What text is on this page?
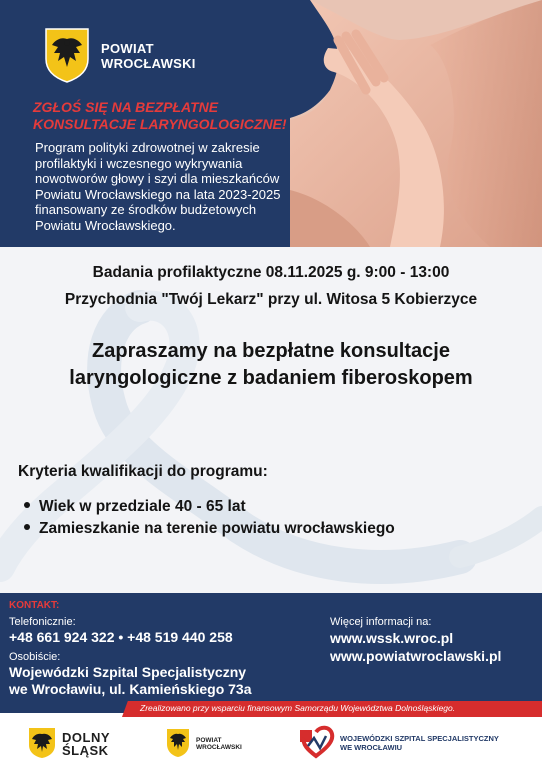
POWIAT
WROCŁAWSKI
ZGŁOŚ SIĘ NA BEZPŁATNE
KONSULTACJE LARYNGOLOGICZNE!
Program polityki zdrowotnej w zakresie
profilaktyki i wczesnego wykrywania
nowotworów głowy i szyi dla mieszkańców
Powiatu Wrocławskiego na lata 2023-2025
finansowany ze środków budżetowych
Powiatu Wrocławskiego.
Badania profilaktyczne 08.11.2025 g. 9:00 - 13:00
Przychodnia "Twój Lekarz" przy ul. Witosa 5 Kobierzyce
Zapraszamy na bezpłatne konsultacje
laryngologiczne z badaniem fiberoskopem
Kryteria kwalifikacji do programu:
Wiek w przedziale 40 - 65 lat
Zamieszkanie na terenie powiatu wrocławskiego
KONTAKT:
Telefonicznie:
+48 661 924 322 • +48 519 440 258
Osobiście:
Wojewódzki Szpital Specjalistyczny
we Wrocławiu, ul. Kamieńskiego 73a
Więcej informacji na:
www.wssk.wroc.pl
www.powiatwroclawski.pl
Zrealizowano przy wsparciu finansowym Samorządu Województwa Dolnośląskiego.
DOLNY
ŚLĄSK
POWIAT
WROCŁAWSKI
WOJEWÓDZKI SZPITAL SPECJALISTYCZNY
WE WROCŁAWIU
